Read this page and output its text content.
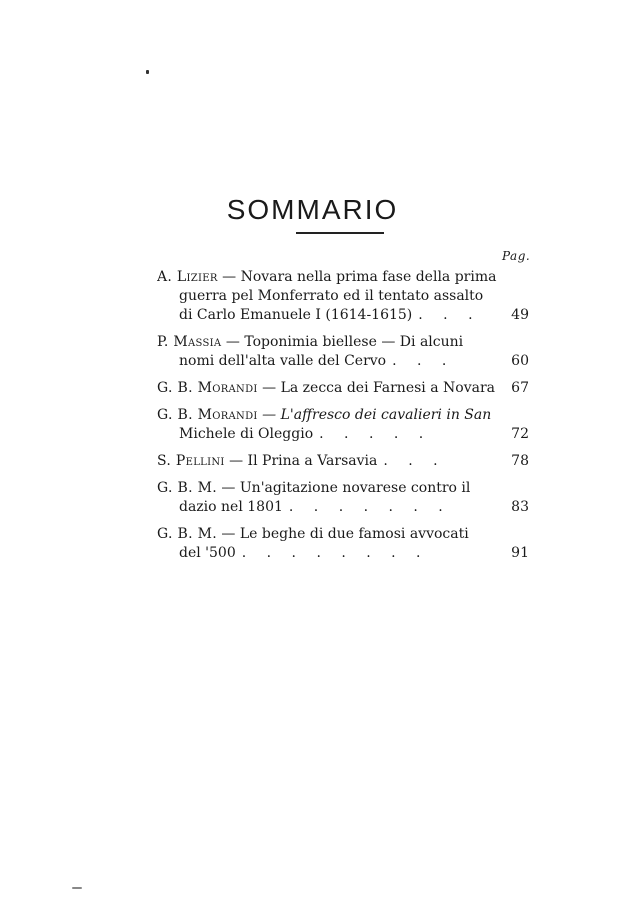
SOMMARIO
Pag.
A. Lizier — Novara nella prima fase della prima
guerra pel Monferrato ed il tentato assalto
di Carlo Emanuele I (1614-1615) . . .	49
P. Massia — Toponimia biellese — Di alcuni
nomi dell'alta valle del Cervo . . .	60
G. B. Morandi — La zecca dei Farnesi a Novara	67
G. B. Morandi — L'affresco dei cavalieri in San
Michele di Oleggio . . . . .	72
S. Pellini — Il Prina a Varsavia . . .	78
G. B. M. — Un'agitazione novarese contro il
dazio nel 1801 . . . . . . .	83
G. B. M. — Le beghe di due famosi avvocati
del '500 . . . . . . . .	91
